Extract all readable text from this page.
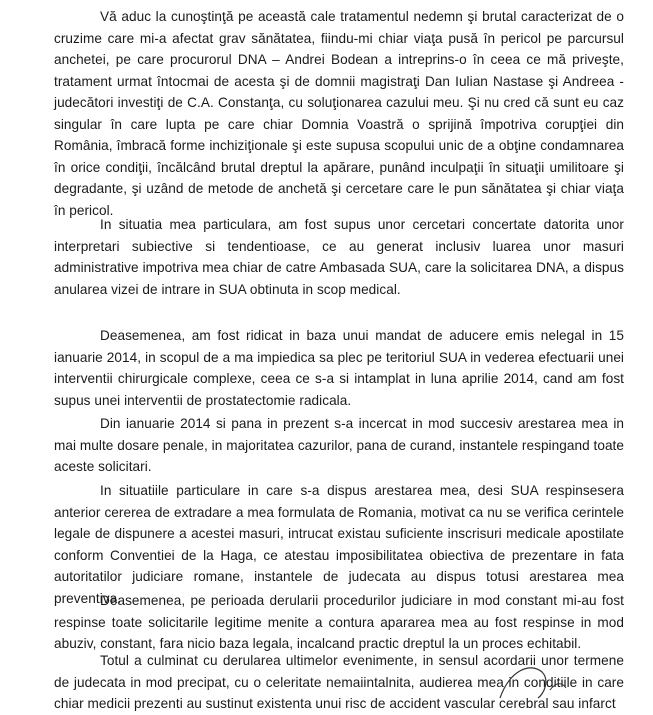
Vă aduc la cunoştinţă pe această cale tratamentul nedemn şi brutal caracterizat de o cruzime care mi-a afectat grav sănătatea, fiindu-mi chiar viaţa pusă în pericol pe parcursul anchetei, pe care procurorul DNA – Andrei Bodean a intreprins-o în ceea ce mă priveşte, tratament urmat întocmai de acesta şi de domnii magistraţi Dan Iulian Nastase şi Andreea - judecători investiţi de C.A. Constanţa, cu soluţionarea cazului meu. Şi nu cred că sunt eu caz singular în care lupta pe care chiar Domnia Voastră o sprijină împotriva corupţiei din România, îmbracă forme inchiziţionale şi este supusa scopului unic de a obţine condamnarea în orice condiţii, încălcând brutal dreptul la apărare, punând inculpaţii în situaţii umilitoare şi degradante, şi uzând de metode de anchetă şi cercetare care le pun sănătatea şi chiar viaţa în pericol.

In situatia mea particulara, am fost supus unor cercetari concertate datorita unor interpretari subiective si tendentioase, ce au generat inclusiv luarea unor masuri administrative impotriva mea chiar de catre Ambasada SUA, care la solicitarea DNA, a dispus anularea vizei de intrare in SUA obtinuta in scop medical.

Deasemenea, am fost ridicat in baza unui mandat de aducere emis nelegal in 15 ianuarie 2014, in scopul de a ma impiedica sa plec pe teritoriul SUA in vederea efectuarii unei interventii chirurgicale complexe, ceea ce s-a si intamplat in luna aprilie 2014, cand am fost supus unei interventii de prostatectomie radicala.

Din ianuarie 2014 si pana in prezent s-a incercat in mod succesiv arestarea mea in mai multe dosare penale, in majoritatea cazurilor, pana de curand, instantele respingand toate aceste solicitari.

In situatiile particulare in care s-a dispus arestarea mea, desi SUA respinsesera anterior cererea de extradare a mea formulata de Romania, motivat ca nu se verifica cerintele legale de dispunere a acestei masuri, intrucat existau suficiente inscrisuri medicale apostilate conform Conventiei de la Haga, ce atestau imposibilitatea obiectiva de prezentare in fata autoritatilor judiciare romane, instantele de judecata au dispus totusi arestarea mea preventiva.

Deasemenea, pe perioada derularii procedurilor judiciare in mod constant mi-au fost respinse toate solicitarile legitime menite a contura apararea mea au fost respinse in mod abuziv, constant, fara nicio baza legala, incalcand practic dreptul la un proces echitabil.

Totul a culminat cu derularea ultimelor evenimente, in sensul acordarii unor termene de judecata in mod precipat, cu o celeritate nemaiintalnita, audierea mea in conditiile in care chiar medicii prezenti au sustinut existenta unui risc de accident vascular cerebral sau infarct
